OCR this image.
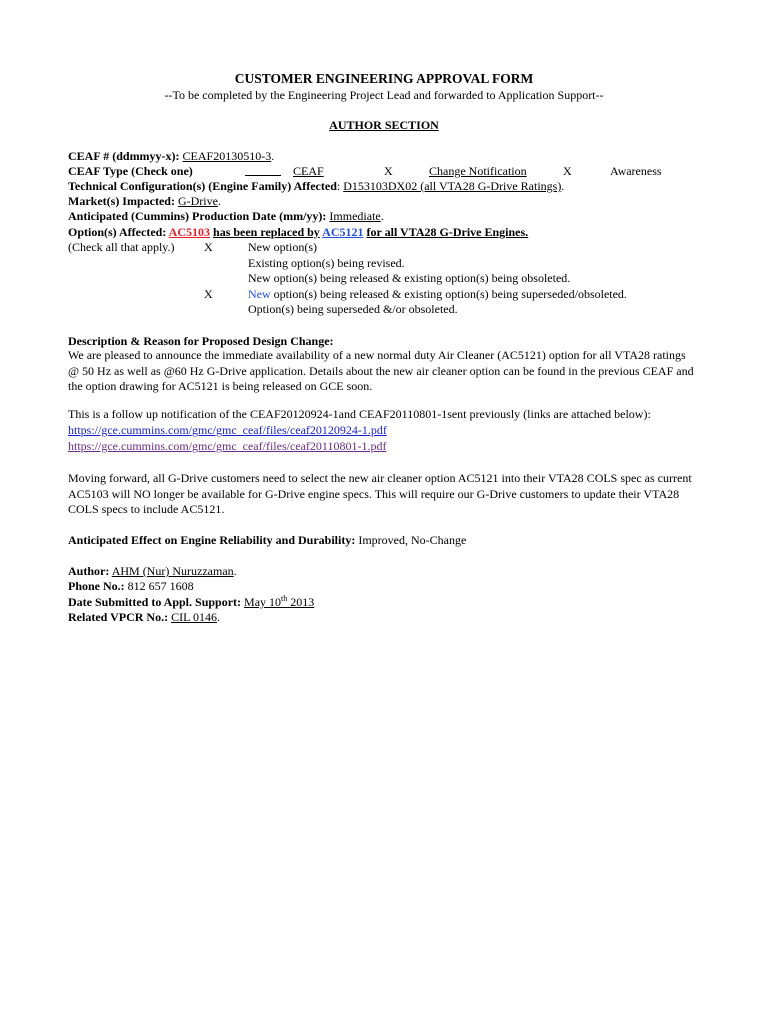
CUSTOMER ENGINEERING APPROVAL FORM
--To be completed by the Engineering Project Lead and forwarded to Application Support--
AUTHOR SECTION
CEAF # (ddmmyy-x): CEAF20130510-3.
CEAF Type (Check one)	CEAF	X	Change Notification	X	Awareness
Technical Configuration(s) (Engine Family) Affected: D153103DX02 (all VTA28 G-Drive Ratings).
Market(s) Impacted: G-Drive.
Anticipated (Cummins) Production Date (mm/yy): Immediate.
Option(s) Affected: AC5103 has been replaced by AC5121 for all VTA28 G-Drive Engines.
(Check all that apply.) X	New option(s)
Existing option(s) being revised.
New option(s) being released & existing option(s) being obsoleted.
X	New option(s) being released & existing option(s) being superseded/obsoleted.
Option(s) being superseded &/or obsoleted.
Description & Reason for Proposed Design Change:
We are pleased to announce the immediate availability of a new normal duty Air Cleaner (AC5121) option for all VTA28 ratings @ 50 Hz as well as @60 Hz G-Drive application. Details about the new air cleaner option can be found in the previous CEAF and the option drawing for AC5121 is being released on GCE soon.
This is a follow up notification of the CEAF20120924-1and CEAF20110801-1sent previously (links are attached below):
https://gce.cummins.com/gmc/gmc_ceaf/files/ceaf20120924-1.pdf
https://gce.cummins.com/gmc/gmc_ceaf/files/ceaf20110801-1.pdf
Moving forward, all G-Drive customers need to select the new air cleaner option AC5121 into their VTA28 COLS spec as current AC5103 will NO longer be available for G-Drive engine specs. This will require our G-Drive customers to update their VTA28 COLS specs to include AC5121.
Anticipated Effect on Engine Reliability and Durability: Improved, No-Change
Author: AHM (Nur) Nuruzzaman.
Phone No.: 812 657 1608
Date Submitted to Appl. Support: May 10th 2013
Related VPCR No.: CIL 0146.
